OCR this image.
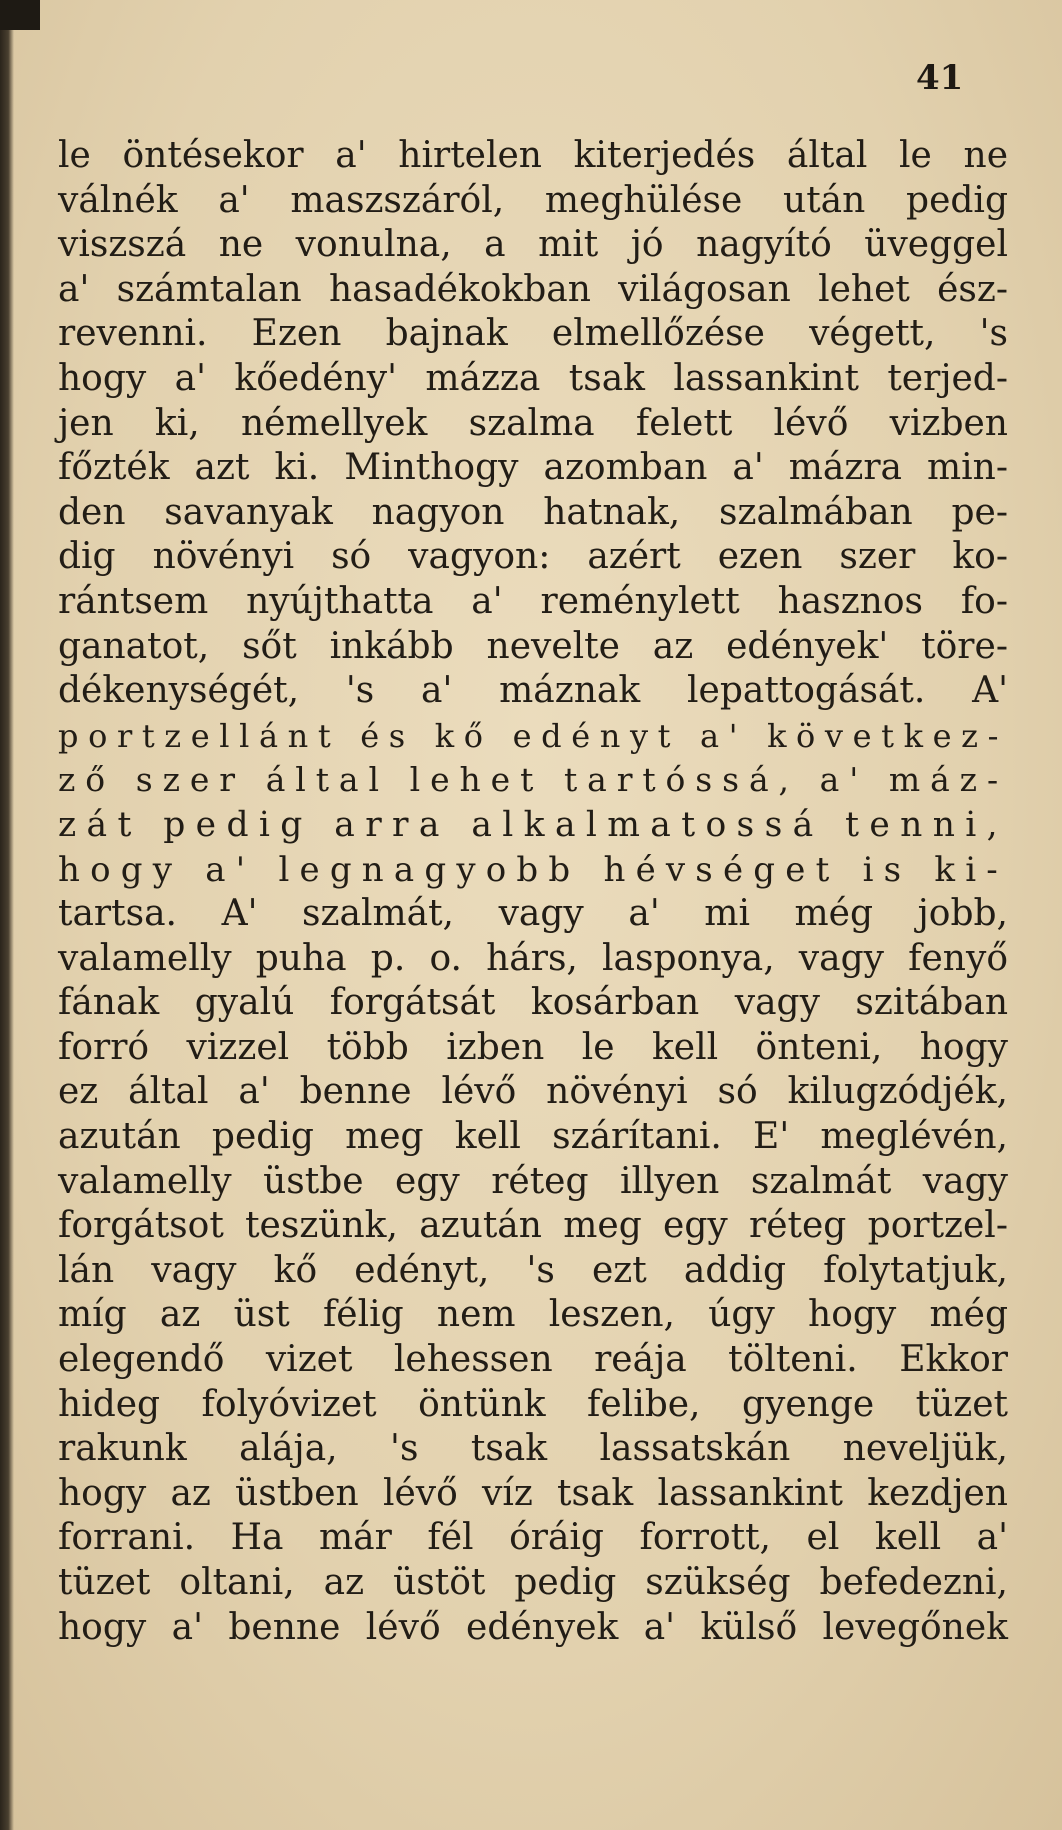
41
le öntésekor a' hirtelen kiterjedés által le ne
válnék a' maszszáról, meghülése után pedig
viszszá ne vonulna, a mit jó nagyító üveggel
a' számtalan hasadékokban világosan lehet ész-
revenni. Ezen bajnak elmellőzése végett, 's
hogy a' kőedény' mázza tsak lassankint terjed-
jen ki, némellyek szalma felett lévő vizben
főzték azt ki. Minthogy azomban a' mázra min-
den savanyak nagyon hatnak, szalmában pe-
dig növényi só vagyon: azért ezen szer ko-
rántsem nyújthatta a' reménylett hasznos fo-
ganatot, sőt inkább nevelte az edények' töre-
dékenységét, 's a' máznak lepattogását. A'
portzellánt és kő edényt a' következ-
ző szer által lehet tartóssá, a' máz-
zát pedig arra alkalmatossá tenni,
hogy a' legnagyobb hévséget is ki-
tartsa. A' szalmát, vagy a' mi még jobb,
valamelly puha p. o. hárs, lasponya, vagy fenyő
fának gyalú forgátsát kosárban vagy szitában
forró vizzel több izben le kell önteni, hogy
ez által a' benne lévő növényi só kilugzódjék,
azután pedig meg kell szárítani. E' meglévén,
valamelly üstbe egy réteg illyen szalmát vagy
forgátsot teszünk, azután meg egy réteg portzel-
lán vagy kő edényt, 's ezt addig folytatjuk,
míg az üst félig nem leszen, úgy hogy még
elegendő vizet lehessen reája tölteni. Ekkor
hideg folyóvizet öntünk felibe, gyenge tüzet
rakunk alája, 's tsak lassatskán neveljük,
hogy az üstben lévő víz tsak lassankint kezdjen
forrani. Ha már fél óráig forrott, el kell a'
tüzet oltani, az üstöt pedig szükség befedezni,
hogy a' benne lévő edények a' külső levegőnek
